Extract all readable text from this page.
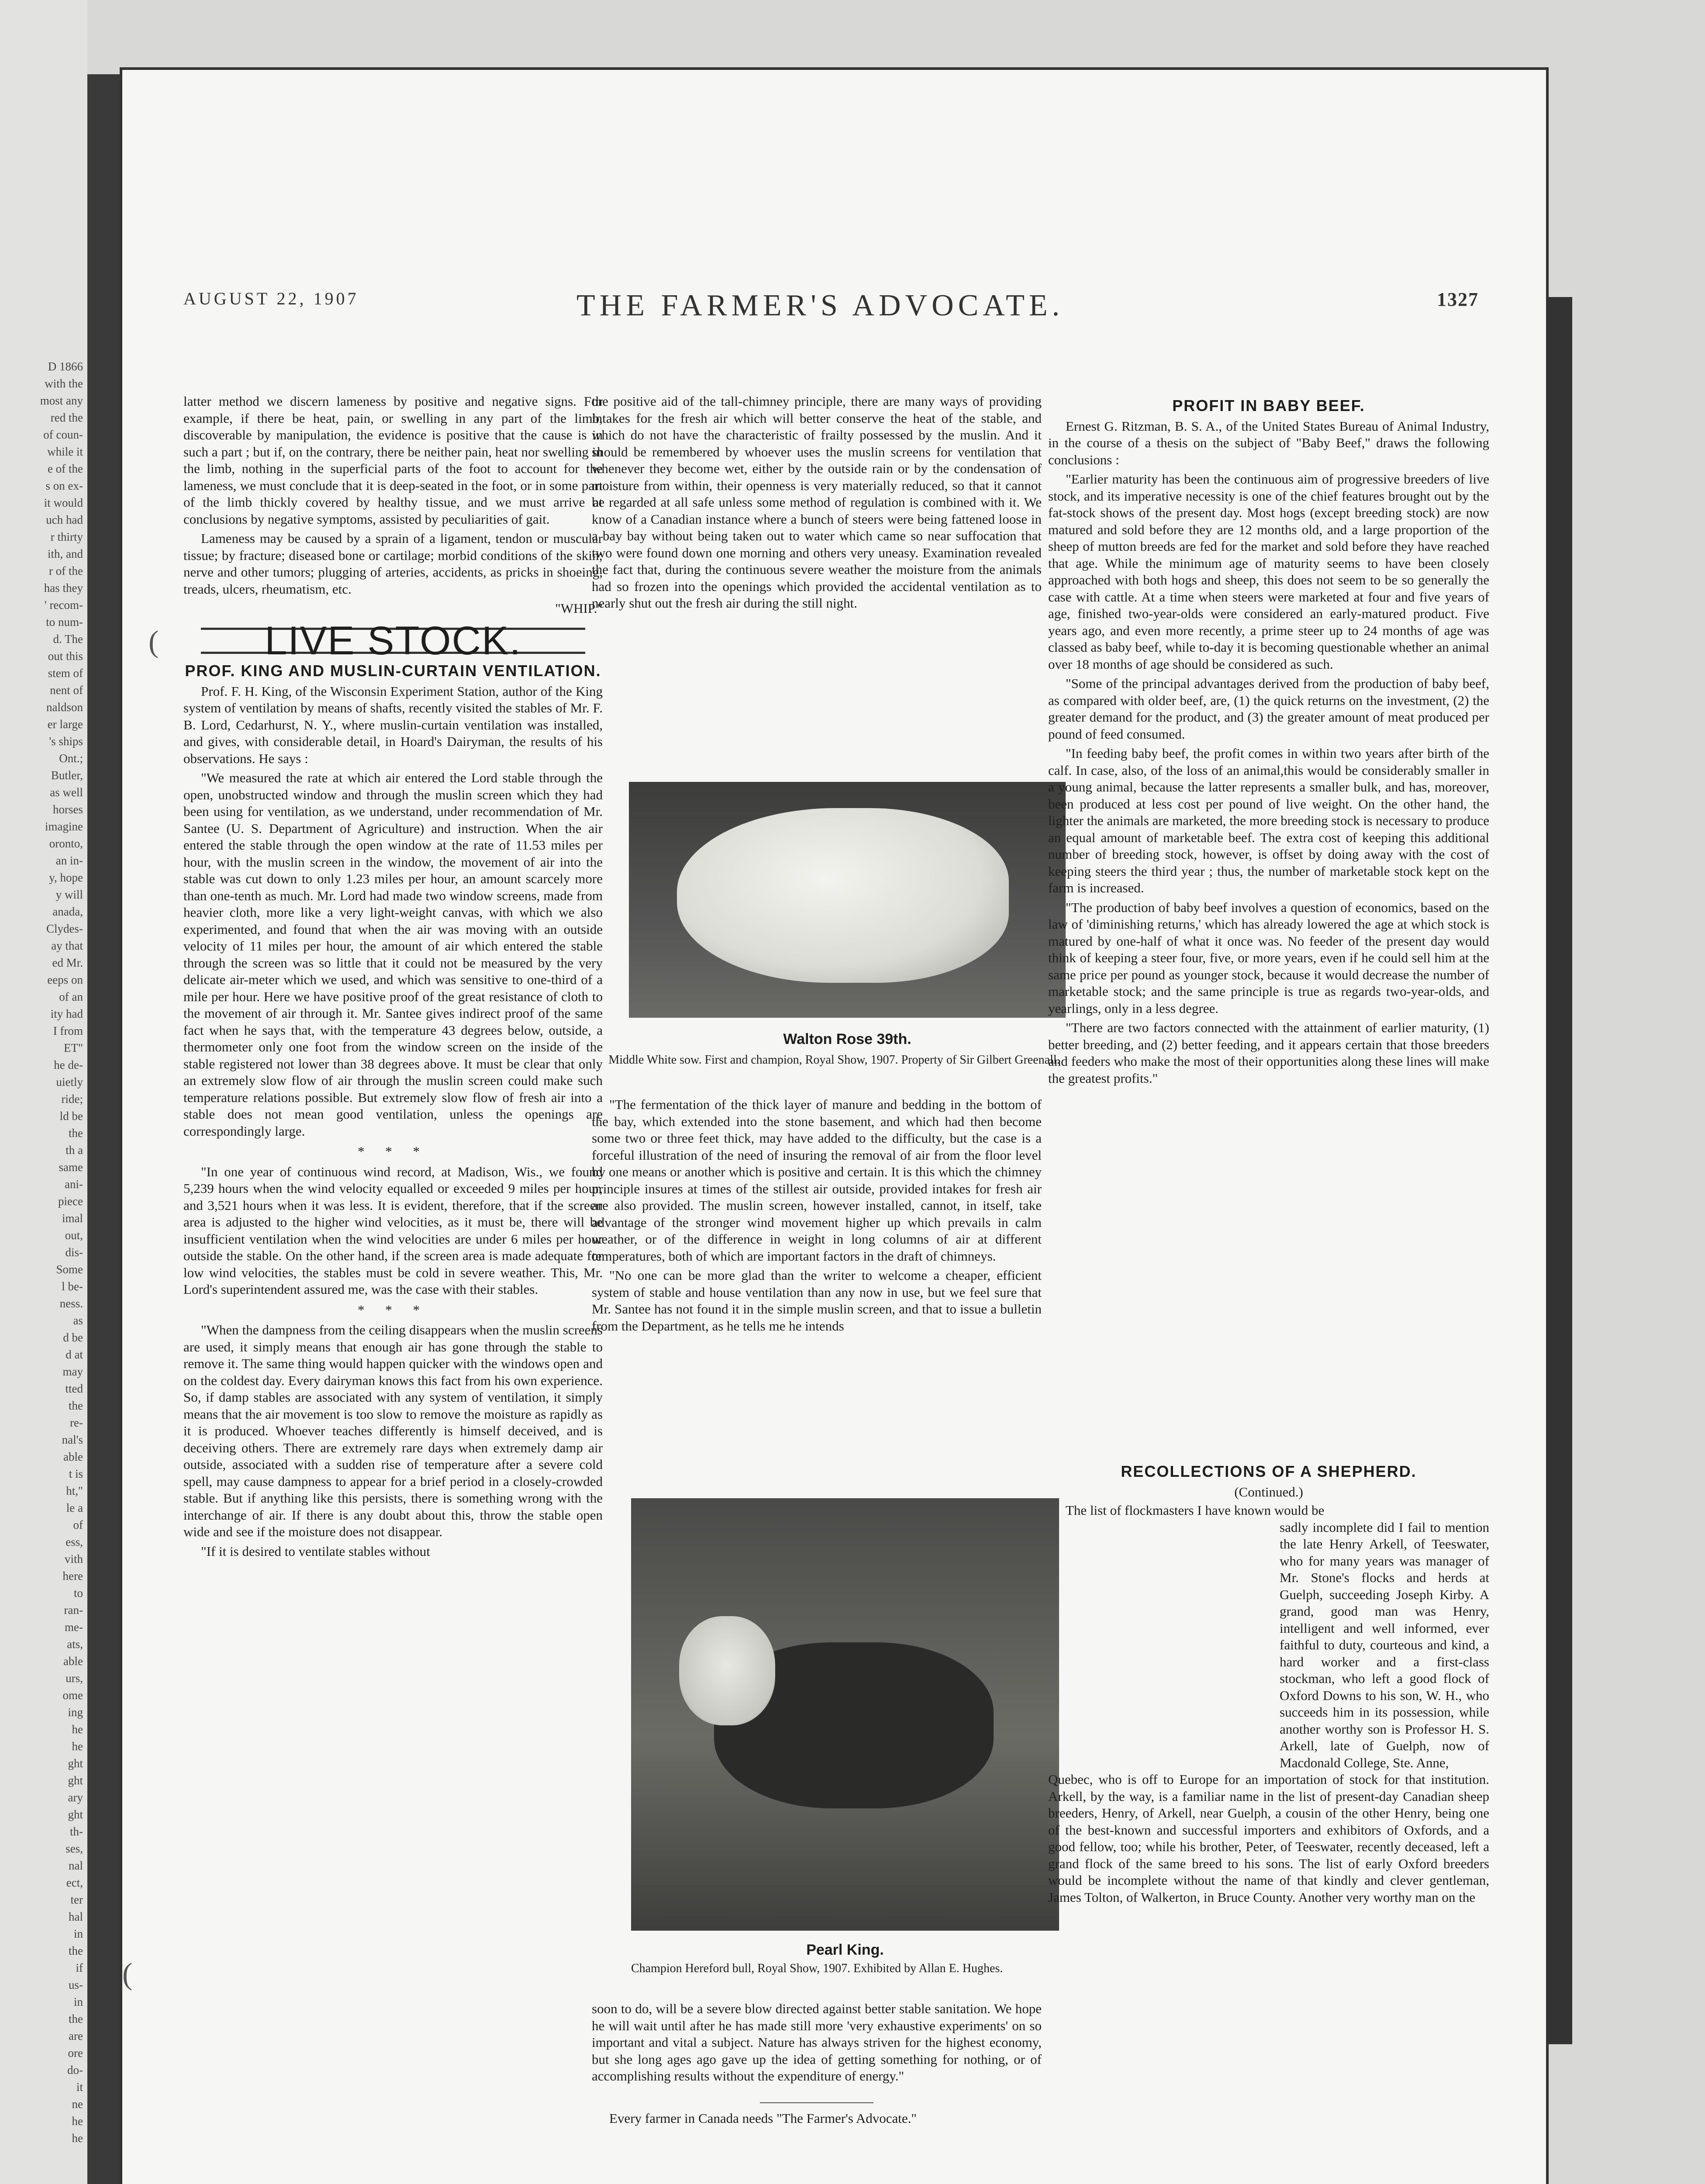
D 1866
with the
most any
red the
of coun-
while it
e of the
s on ex-
it would
uch had
r thirty
ith, and
r of the
has they
' recom-
to num-
d. The
out this
stem of
nent of
naldson
er large
's ships
Ont.;
Butler,
as well
horses
imagine
oronto,
an in-
y, hope
y will
anada,
Clydes-
ay that
ed Mr.
eeps on
of an
ity had
I from
ET"
he de-
uietly
ride;
ld be
the
th a
same
ani-
piece
imal
out,
dis-
Some
l be-
ness.
as
d be
d at
may
tted
the
re-
nal's
able
t is
ht,"
le a
of
ess,
vith
here
to
ran-
me-
ats,
able
urs,
ome
ing
he
he
ght
ght
ary
ght
th-
ses,
nal
ect,
ter
hal
in
the
if
us-
in
the
are
ore
do-
it
ne
he
he
AUGUST 22, 1907	THE FARMER'S ADVOCATE.	1327
(
(

latter method we discern lameness by positive and negative signs. For example, if there be heat, pain, or swelling in any part of the limb, discoverable by manipulation, the evidence is positive that the cause is in such a part ; but if, on the contrary, there be neither pain, heat nor swelling in the limb, nothing in the superficial parts of the foot to account for the lameness, we must conclude that it is deep-seated in the foot, or in some part of the limb thickly covered by healthy tissue, and we must arrive at conclusions by negative symptoms, assisted by peculiarities of gait.

Lameness may be caused by a sprain of a ligament, tendon or muscular tissue; by fracture; diseased bone or cartilage; morbid conditions of the skin; nerve and other tumors; plugging of arteries, accidents, as pricks in shoeing, treads, ulcers, rheumatism, etc.

"WHIP."
LIVE STOCK.
PROF. KING AND MUSLIN-CURTAIN VENTILATION.

Prof. F. H. King, of the Wisconsin Experiment Station, author of the King system of ventilation by means of shafts, recently visited the stables of Mr. F. B. Lord, Cedarhurst, N. Y., where muslin-curtain ventilation was installed, and gives, with considerable detail, in Hoard's Dairyman, the results of his observations. He says :

"We measured the rate at which air entered the Lord stable through the open, unobstructed window and through the muslin screen which they had been using for ventilation, as we understand, under recommendation of Mr. Santee (U. S. Department of Agriculture) and instruction. When the air entered the stable through the open window at the rate of 11.53 miles per hour, with the muslin screen in the window, the movement of air into the stable was cut down to only 1.23 miles per hour, an amount scarcely more than one-tenth as much. Mr. Lord had made two window screens, made from heavier cloth, more like a very light-weight canvas, with which we also experimented, and found that when the air was moving with an outside velocity of 11 miles per hour, the amount of air which entered the stable through the screen was so little that it could not be measured by the very delicate air-meter which we used, and which was sensitive to one-third of a mile per hour. Here we have positive proof of the great resistance of cloth to the movement of air through it. Mr. Santee gives indirect proof of the same fact when he says that, with the temperature 43 degrees below, outside, a thermometer only one foot from the window screen on the inside of the stable registered not lower than 38 degrees above. It must be clear that only an extremely slow flow of air through the muslin screen could make such temperature relations possible. But extremely slow flow of fresh air into a stable does not mean good ventilation, unless the openings are correspondingly large.

* * *

"In one year of continuous wind record, at Madison, Wis., we found 5,239 hours when the wind velocity equalled or exceeded 9 miles per hour, and 3,521 hours when it was less. It is evident, therefore, that if the screen area is adjusted to the higher wind velocities, as it must be, there will be insufficient ventilation when the wind velocities are under 6 miles per hour outside the stable. On the other hand, if the screen area is made adequate for low wind velocities, the stables must be cold in severe weather. This, Mr. Lord's superintendent assured me, was the case with their stables.

* * *

"When the dampness from the ceiling disappears when the muslin screens are used, it simply means that enough air has gone through the stable to remove it. The same thing would happen quicker with the windows open and on the coldest day. Every dairyman knows this fact from his own experience. So, if damp stables are associated with any system of ventilation, it simply means that the air movement is too slow to remove the moisture as rapidly as it is produced. Whoever teaches differently is himself deceived, and is deceiving others. There are extremely rare days when extremely damp air outside, associated with a sudden rise of temperature after a severe cold spell, may cause dampness to appear for a brief period in a closely-crowded stable. But if anything like this persists, there is something wrong with the interchange of air. If there is any doubt about this, throw the stable open wide and see if the moisture does not disappear.

"If it is desired to ventilate stables without

the positive aid of the tall-chimney principle, there are many ways of providing intakes for the fresh air which will better conserve the heat of the stable, and which do not have the characteristic of frailty possessed by the muslin. And it should be remembered by whoever uses the muslin screens for ventilation that whenever they become wet, either by the outside rain or by the condensation of moisture from within, their openness is very materially reduced, so that it cannot be regarded at all safe unless some method of regulation is combined with it. We know of a Canadian instance where a bunch of steers were being fattened loose in a bay bay without being taken out to water which came so near suffocation that two were found down one morning and others very uneasy. Examination revealed the fact that, during the continuous severe weather the moisture from the animals had so frozen into the openings which provided the accidental ventilation as to nearly shut out the fresh air during the still night.

Walton Rose 39th.
Middle White sow. First and champion, Royal Show, 1907. Property of Sir Gilbert Greenall.

"The fermentation of the thick layer of manure and bedding in the bottom of the bay, which extended into the stone basement, and which had then become some two or three feet thick, may have added to the difficulty, but the case is a forceful illustration of the need of insuring the removal of air from the floor level by one means or another which is positive and certain. It is this which the chimney principle insures at times of the stillest air outside, provided intakes for fresh air are also provided. The muslin screen, however installed, cannot, in itself, take advantage of the stronger wind movement higher up which prevails in calm weather, or of the difference in weight in long columns of air at different temperatures, both of which are important factors in the draft of chimneys.

"No one can be more glad than the writer to welcome a cheaper, efficient system of stable and house ventilation than any now in use, but we feel sure that Mr. Santee has not found it in the simple muslin screen, and that to issue a bulletin from the Department, as he tells me he intends

Pearl King.
Champion Hereford bull, Royal Show, 1907. Exhibited by Allan E. Hughes.

soon to do, will be a severe blow directed against better stable sanitation. We hope he will wait until after he has made still more 'very exhaustive experiments' on so important and vital a subject. Nature has always striven for the highest economy, but she long ages ago gave up the idea of getting something for nothing, or of accomplishing results without the expenditure of energy."

Every farmer in Canada needs "The Farmer's Advocate."

PROFIT IN BABY BEEF.

Ernest G. Ritzman, B. S. A., of the United States Bureau of Animal Industry, in the course of a thesis on the subject of "Baby Beef," draws the following conclusions :

"Earlier maturity has been the continuous aim of progressive breeders of live stock, and its imperative necessity is one of the chief features brought out by the fat-stock shows of the present day. Most hogs (except breeding stock) are now matured and sold before they are 12 months old, and a large proportion of the sheep of mutton breeds are fed for the market and sold before they have reached that age. While the minimum age of maturity seems to have been closely approached with both hogs and sheep, this does not seem to be so generally the case with cattle. At a time when steers were marketed at four and five years of age, finished two-year-olds were considered an early-matured product. Five years ago, and even more recently, a prime steer up to 24 months of age was classed as baby beef, while to-day it is becoming questionable whether an animal over 18 months of age should be considered as such.

"Some of the principal advantages derived from the production of baby beef, as compared with older beef, are, (1) the quick returns on the investment, (2) the greater demand for the product, and (3) the greater amount of meat produced per pound of feed consumed.

"In feeding baby beef, the profit comes in within two years after birth of the calf. In case, also, of the loss of an animal,this would be considerably smaller in a young animal, because the latter represents a smaller bulk, and has, moreover, been produced at less cost per pound of live weight. On the other hand, the lighter the animals are marketed, the more breeding stock is necessary to produce an equal amount of marketable beef. The extra cost of keeping this additional number of breeding stock, however, is offset by doing away with the cost of keeping steers the third year ; thus, the number of marketable stock kept on the farm is increased.

"The production of baby beef involves a question of economics, based on the law of 'diminishing returns,' which has already lowered the age at which stock is matured by one-half of what it once was. No feeder of the present day would think of keeping a steer four, five, or more years, even if he could sell him at the same price per pound as younger stock, because it would decrease the number of marketable stock; and the same principle is true as regards two-year-olds, and yearlings, only in a less degree.

"There are two factors connected with the attainment of earlier maturity, (1) better breeding, and (2) better feeding, and it appears certain that those breeders and feeders who make the most of their opportunities along these lines will make the greatest profits."

RECOLLECTIONS OF A SHEPHERD.
(Continued.)
The list of flockmasters I have known would be
sadly incomplete did I fail to mention the late Henry Arkell, of Teeswater, who for many years was manager of Mr. Stone's flocks and herds at Guelph, succeeding Joseph Kirby. A grand, good man was Henry, intelligent and well informed, ever faithful to duty, courteous and kind, a hard worker and a first-class stockman, who left a good flock of Oxford Downs to his son, W. H., who succeeds him in its possession, while another worthy son is Professor H. S. Arkell, late of Guelph, now of Macdonald College, Ste. Anne,
Quebec, who is off to Europe for an importation of stock for that institution. Arkell, by the way, is a familiar name in the list of present-day Canadian sheep breeders, Henry, of Arkell, near Guelph, a cousin of the other Henry, being one of the best-known and successful importers and exhibitors of Oxfords, and a good fellow, too; while his brother, Peter, of Teeswater, recently deceased, left a grand flock of the same breed to his sons. The list of early Oxford breeders would be incomplete without the name of that kindly and clever gentleman, James Tolton, of Walkerton, in Bruce County. Another very worthy man on the
